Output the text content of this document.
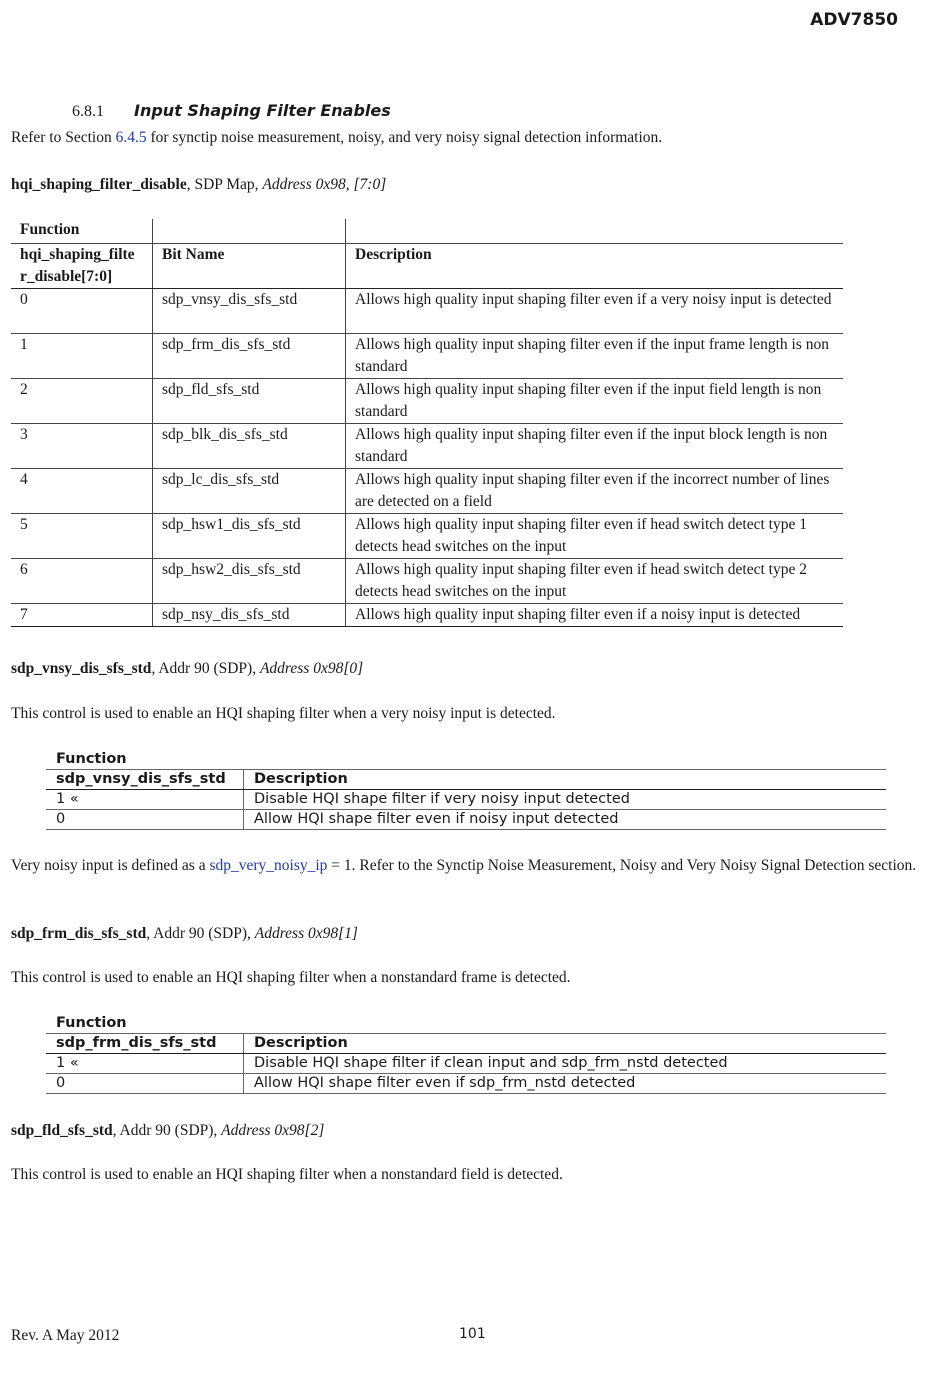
ADV7850
6.8.1 Input Shaping Filter Enables
Refer to Section 6.4.5 for synctip noise measurement, noisy, and very noisy signal detection information.
hqi_shaping_filter_disable, SDP Map, Address 0x98, [7:0]
Function		
hqi_shaping_filte r_disable[7:0]	Bit Name	Description
0	sdp_vnsy_dis_sfs_std	Allows high quality input shaping filter even if a very noisy input is detected
1	sdp_frm_dis_sfs_std	Allows high quality input shaping filter even if the input frame length is non standard
2	sdp_fld_sfs_std	Allows high quality input shaping filter even if the input field length is non standard
3	sdp_blk_dis_sfs_std	Allows high quality input shaping filter even if the input block length is non standard
4	sdp_lc_dis_sfs_std	Allows high quality input shaping filter even if the incorrect number of lines are detected on a field
5	sdp_hsw1_dis_sfs_std	Allows high quality input shaping filter even if head switch detect type 1 detects head switches on the input
6	sdp_hsw2_dis_sfs_std	Allows high quality input shaping filter even if head switch detect type 2 detects head switches on the input
7	sdp_nsy_dis_sfs_std	Allows high quality input shaping filter even if a noisy input is detected
sdp_vnsy_dis_sfs_std, Addr 90 (SDP), Address 0x98[0]
This control is used to enable an HQI shaping filter when a very noisy input is detected.
Function
sdp_vnsy_dis_sfs_std	Description
1 «	Disable HQI shape filter if very noisy input detected
0	Allow HQI shape filter even if noisy input detected
Very noisy input is defined as a sdp_very_noisy_ip = 1. Refer to the Synctip Noise Measurement, Noisy and Very Noisy Signal Detection section.
sdp_frm_dis_sfs_std, Addr 90 (SDP), Address 0x98[1]
This control is used to enable an HQI shaping filter when a nonstandard frame is detected.
Function
sdp_frm_dis_sfs_std	Description
1 «	Disable HQI shape filter if clean input and sdp_frm_nstd detected
0	Allow HQI shape filter even if sdp_frm_nstd detected
sdp_fld_sfs_std, Addr 90 (SDP), Address 0x98[2]
This control is used to enable an HQI shaping filter when a nonstandard field is detected.
Rev. A May 2012	101
